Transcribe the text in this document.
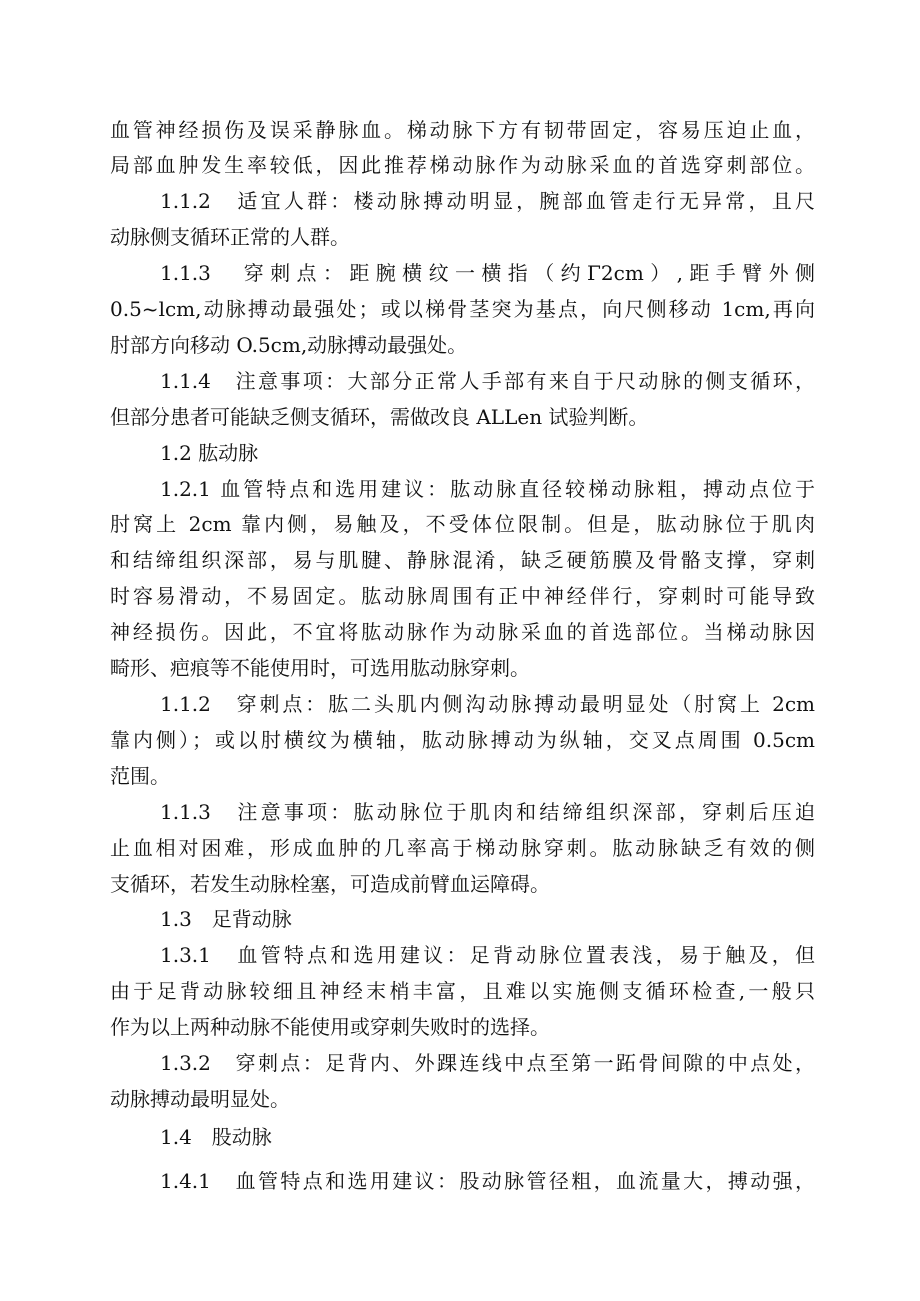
血管神经损伤及误采静脉血。梯动脉下方有韧带固定，容易压迫止血，
局部血肿发生率较低，因此推荐梯动脉作为动脉采血的首选穿刺部位。
1.1.2　适宜人群：楼动脉搏动明显，腕部血管走行无异常，且尺
动脉侧支循环正常的人群。
1.1.3　穿刺点：距腕横纹一横指（约Γ2cm）,距手臂外侧
0.5~lcm,动脉搏动最强处；或以梯骨茎突为基点，向尺侧移动 1cm,再向
肘部方向移动 O.5cm,动脉搏动最强处。
1.1.4　注意事项：大部分正常人手部有来自于尺动脉的侧支循环，
但部分患者可能缺乏侧支循环，需做改良 ALLen 试验判断。
1.2 肱动脉
1.2.1 血管特点和选用建议：肱动脉直径较梯动脉粗，搏动点位于
肘窝上 2cm 靠内侧，易触及，不受体位限制。但是，肱动脉位于肌肉
和结缔组织深部，易与肌腱、静脉混淆，缺乏硬筋膜及骨骼支撑，穿刺
时容易滑动，不易固定。肱动脉周围有正中神经伴行，穿刺时可能导致
神经损伤。因此，不宜将肱动脉作为动脉采血的首选部位。当梯动脉因
畸形、疤痕等不能使用时，可选用肱动脉穿刺。
1.1.2　穿刺点：肱二头肌内侧沟动脉搏动最明显处（肘窝上 2cm
靠内侧）；或以肘横纹为横轴，肱动脉搏动为纵轴，交叉点周围 0.5cm
范围。
1.1.3　注意事项：肱动脉位于肌肉和结缔组织深部，穿刺后压迫
止血相对困难，形成血肿的几率高于梯动脉穿刺。肱动脉缺乏有效的侧
支循环，若发生动脉栓塞，可造成前臂血运障碍。
1.3　足背动脉
1.3.1　血管特点和选用建议：足背动脉位置表浅，易于触及，但
由于足背动脉较细且神经末梢丰富，且难以实施侧支循环检查,一般只
作为以上两种动脉不能使用或穿刺失败时的选择。
1.3.2　穿刺点：足背内、外踝连线中点至第一跖骨间隙的中点处，
动脉搏动最明显处。
1.4　股动脉
1.4.1　血管特点和选用建议：股动脉管径粗，血流量大，搏动强，
